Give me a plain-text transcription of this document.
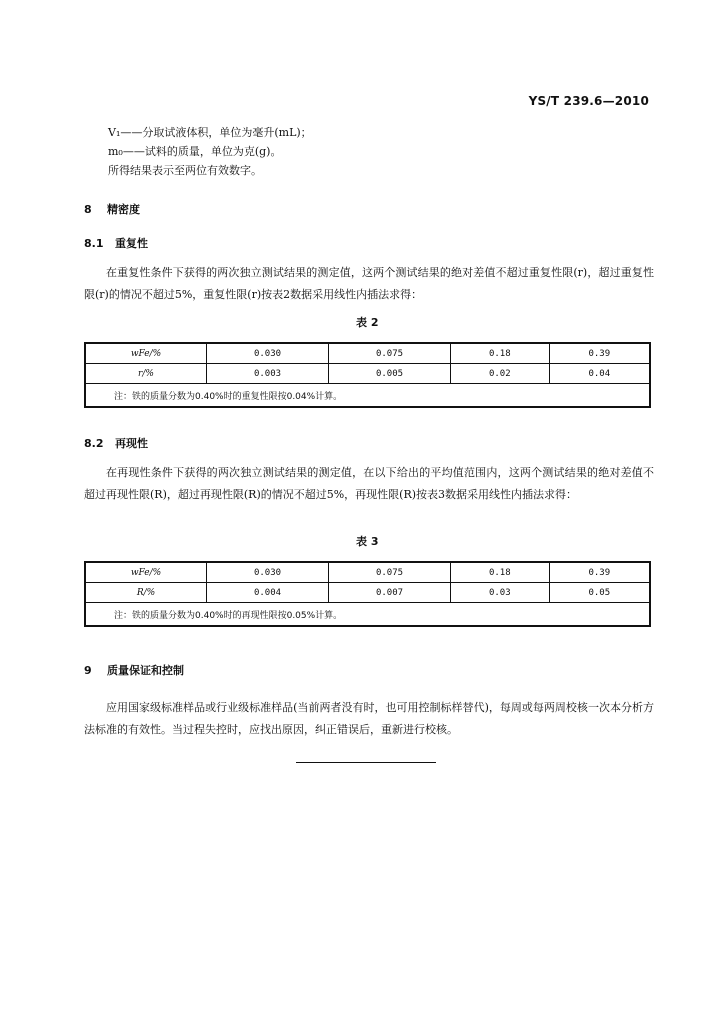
YS/T 239.6—2010
V₁——分取试液体积，单位为毫升(mL)；
m₀——试料的质量，单位为克(g)。
所得结果表示至两位有效数字。
8 精密度
8.1 重复性
在重复性条件下获得的两次独立测试结果的测定值，这两个测试结果的绝对差值不超过重复性限(r)，超过重复性限(r)的情况不超过5%，重复性限(r)按表2数据采用线性内插法求得：
表 2
wFe/%	0.030	0.075	0.18	0.39
r/%	0.003	0.005	0.02	0.04
注：铁的质量分数为0.40%时的重复性限按0.04%计算。				
8.2 再现性
在再现性条件下获得的两次独立测试结果的测定值，在以下给出的平均值范围内，这两个测试结果的绝对差值不超过再现性限(R)，超过再现性限(R)的情况不超过5%，再现性限(R)按表3数据采用线性内插法求得：
表 3
wFe/%	0.030	0.075	0.18	0.39
R/%	0.004	0.007	0.03	0.05
注：铁的质量分数为0.40%时的再现性限按0.05%计算。				
9 质量保证和控制
应用国家级标准样品或行业级标准样品(当前两者没有时，也可用控制标样替代)，每周或每两周校核一次本分析方法标准的有效性。当过程失控时，应找出原因，纠正错误后，重新进行校核。
